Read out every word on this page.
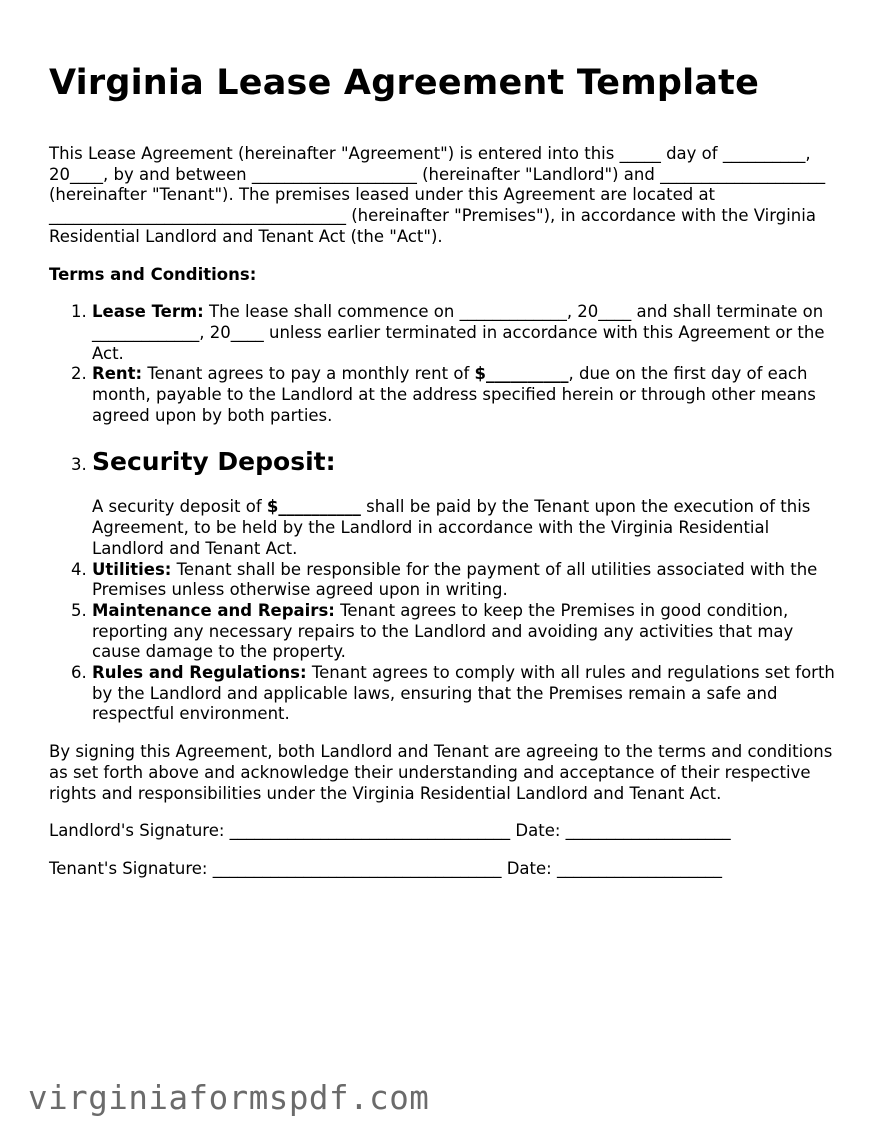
Virginia Lease Agreement Template

This Lease Agreement (hereinafter "Agreement") is entered into this _____ day of __________, 20____, by and between ____________________ (hereinafter "Landlord") and ____________________ (hereinafter "Tenant"). The premises leased under this Agreement are located at ____________________________________ (hereinafter "Premises"), in accordance with the Virginia Residential Landlord and Tenant Act (the "Act").

Terms and Conditions:

1. Lease Term: The lease shall commence on _____________, 20____ and shall terminate on _____________, 20____ unless earlier terminated in accordance with this Agreement or the Act.
2. Rent: Tenant agrees to pay a monthly rent of $__________, due on the first day of each month, payable to the Landlord at the address specified herein or through other means agreed upon by both parties.
3. Security Deposit:
A security deposit of $__________ shall be paid by the Tenant upon the execution of this Agreement, to be held by the Landlord in accordance with the Virginia Residential Landlord and Tenant Act.
4. Utilities: Tenant shall be responsible for the payment of all utilities associated with the Premises unless otherwise agreed upon in writing.
5. Maintenance and Repairs: Tenant agrees to keep the Premises in good condition, reporting any necessary repairs to the Landlord and avoiding any activities that may cause damage to the property.
6. Rules and Regulations: Tenant agrees to comply with all rules and regulations set forth by the Landlord and applicable laws, ensuring that the Premises remain a safe and respectful environment.

By signing this Agreement, both Landlord and Tenant are agreeing to the terms and conditions as set forth above and acknowledge their understanding and acceptance of their respective rights and responsibilities under the Virginia Residential Landlord and Tenant Act.

Landlord's Signature: __________________________________ Date: ____________________

Tenant's Signature: ___________________________________ Date: ____________________

virginiaformspdf.com
